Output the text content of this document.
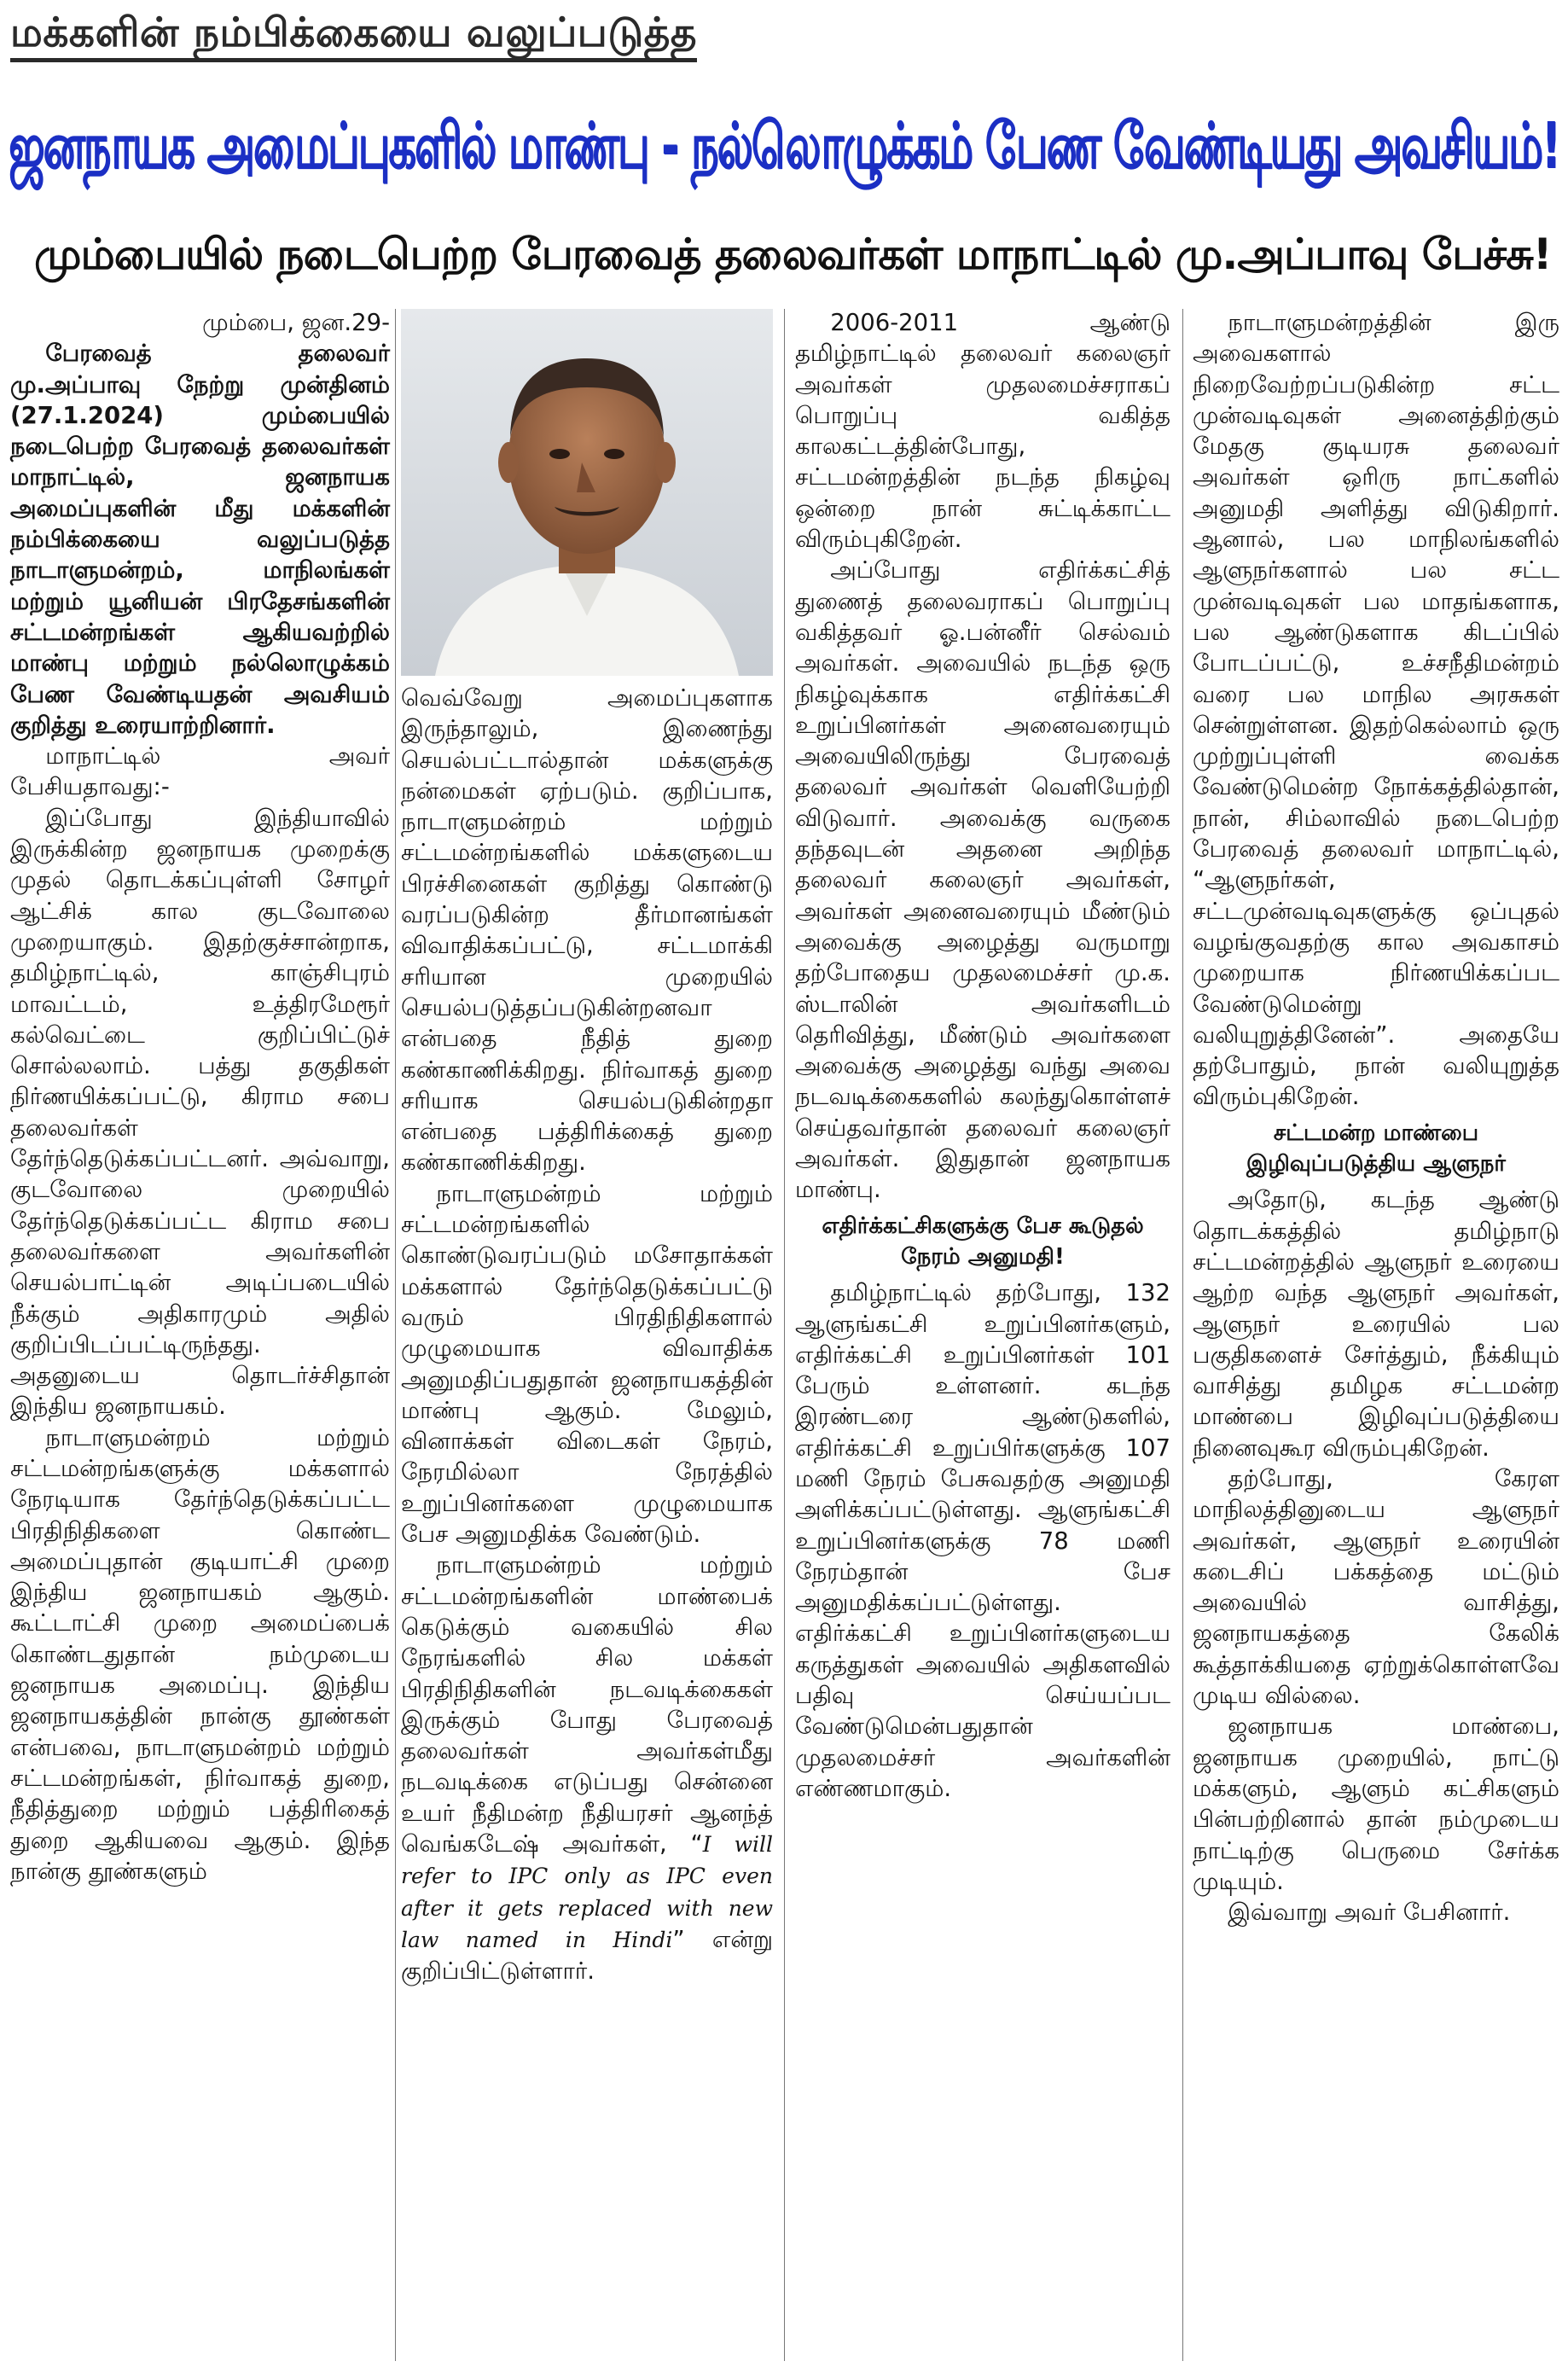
மக்களின் நம்பிக்கையை வலுப்படுத்த
ஜனநாயக அமைப்புகளில் மாண்பு - நல்லொழுக்கம் பேண வேண்டியது அவசியம்!
மும்பையில் நடைபெற்ற பேரவைத் தலைவர்கள் மாநாட்டில் மு.அப்பாவு பேச்சு!

மும்பை, ஜன.29-

பேரவைத் தலைவர் மு.அப்பாவு நேற்று முன்தினம் (27.1.2024) மும்பையில் நடைபெற்ற பேரவைத் தலைவர்கள் மாநாட்டில், ஜனநாயக அமைப்புகளின் மீது மக்களின் நம்பிக்கையை வலுப்படுத்த நாடாளுமன்றம், மாநிலங்கள் மற்றும் யூனியன் பிரதேசங்களின் சட்டமன்றங்கள் ஆகியவற்றில் மாண்பு மற்றும் நல்லொழுக்கம் பேண வேண்டியதன் அவசியம் குறித்து உரையாற்றினார்.

மாநாட்டில் அவர் பேசியதாவது:-

இப்போது இந்தியாவில் இருக்கின்ற ஜனநாயக முறைக்கு முதல் தொடக்கப்புள்ளி சோழர் ஆட்சிக் கால குடவோலை முறையாகும். இதற்குச்சான்றாக, தமிழ்நாட்டில், காஞ்சிபுரம் மாவட்டம், உத்திரமேரூர் கல்வெட்டை குறிப்பிட்டுச் சொல்லலாம். பத்து தகுதிகள் நிர்ணயிக்கப்பட்டு, கிராம சபை தலைவர்கள் தேர்ந்தெடுக்கப்பட்டனர். அவ்வாறு, குடவோலை முறையில் தேர்ந்தெடுக்கப்பட்ட கிராம சபை தலைவர்களை அவர்களின் செயல்பாட்டின் அடிப்படையில் நீக்கும் அதிகாரமும் அதில் குறிப்பிடப்பட்டிருந்தது. அதனுடைய தொடர்ச்சிதான் இந்திய ஜனநாயகம்.

நாடாளுமன்றம் மற்றும் சட்டமன்றங்களுக்கு மக்களால் நேரடியாக தேர்ந்தெடுக்கப்பட்ட பிரதிநிதிகளை கொண்ட அமைப்புதான் குடியாட்சி முறை இந்திய ஜனநாயகம் ஆகும். கூட்டாட்சி முறை அமைப்பைக் கொண்டதுதான் நம்முடைய ஜனநாயக அமைப்பு. இந்திய ஜனநாயகத்தின் நான்கு தூண்கள் என்பவை, நாடாளுமன்றம் மற்றும் சட்டமன்றங்கள், நிர்வாகத் துறை, நீதித்துறை மற்றும் பத்திரிகைத் துறை ஆகியவை ஆகும். இந்த நான்கு தூண்களும்

வெவ்வேறு அமைப்புகளாக இருந்தாலும், இணைந்து செயல்பட்டால்தான் மக்களுக்கு நன்மைகள் ஏற்படும். குறிப்பாக, நாடாளுமன்றம் மற்றும் சட்டமன்றங்களில் மக்களுடைய பிரச்சினைகள் குறித்து கொண்டு வரப்படுகின்ற தீர்மானங்கள் விவாதிக்கப்பட்டு, சட்டமாக்கி சரியான முறையில் செயல்படுத்தப்படுகின்றனவா என்பதை நீதித் துறை கண்காணிக்கிறது. நிர்வாகத் துறை சரியாக செயல்படுகின்றதா என்பதை பத்திரிக்கைத் துறை கண்காணிக்கிறது.

நாடாளுமன்றம் மற்றும் சட்டமன்றங்களில் கொண்டுவரப்படும் மசோதாக்கள் மக்களால் தேர்ந்தெடுக்கப்பட்டு வரும் பிரதிநிதிகளால் முழுமையாக விவாதிக்க அனுமதிப்பதுதான் ஜனநாயகத்தின் மாண்பு ஆகும். மேலும், வினாக்கள் விடைகள் நேரம், நேரமில்லா நேரத்தில் உறுப்பினர்களை முழுமையாக பேச அனுமதிக்க வேண்டும்.

நாடாளுமன்றம் மற்றும் சட்டமன்றங்களின் மாண்பைக் கெடுக்கும் வகையில் சில நேரங்களில் சில மக்கள் பிரதிநிதிகளின் நடவடிக்கைகள் இருக்கும் போது பேரவைத் தலைவர்கள் அவர்கள்மீது நடவடிக்கை எடுப்பது சென்னை உயர் நீதிமன்ற நீதியரசர் ஆனந்த் வெங்கடேஷ் அவர்கள், “I will refer to IPC only as IPC even after it gets replaced with new law named in Hindi” என்று குறிப்பிட்டுள்ளார்.

2006-2011 ஆண்டு தமிழ்நாட்டில் தலைவர் கலைஞர் அவர்கள் முதலமைச்சராகப் பொறுப்பு வகித்த காலகட்டத்தின்போது, சட்டமன்றத்தின் நடந்த நிகழ்வு ஒன்றை நான் சுட்டிக்காட்ட விரும்புகிறேன்.

அப்போது எதிர்க்கட்சித் துணைத் தலைவராகப் பொறுப்பு வகித்தவர் ஓ.பன்னீர் செல்வம் அவர்கள். அவையில் நடந்த ஒரு நிகழ்வுக்காக எதிர்க்கட்சி உறுப்பினர்கள் அனைவரையும் அவையிலிருந்து பேரவைத் தலைவர் அவர்கள் வெளியேற்றி விடுவார். அவைக்கு வருகை தந்தவுடன் அதனை அறிந்த தலைவர் கலைஞர் அவர்கள், அவர்கள் அனைவரையும் மீண்டும் அவைக்கு அழைத்து வருமாறு தற்போதைய முதலமைச்சர் மு.க. ஸ்டாலின் அவர்களிடம் தெரிவித்து, மீண்டும் அவர்களை அவைக்கு அழைத்து வந்து அவை நடவடிக்கைகளில் கலந்துகொள்ளச் செய்தவர்தான் தலைவர் கலைஞர் அவர்கள். இதுதான் ஜனநாயக மாண்பு.

எதிர்க்கட்சிகளுக்கு பேச கூடுதல் நேரம் அனுமதி!

தமிழ்நாட்டில் தற்போது, 132 ஆளுங்கட்சி உறுப்பினர்களும், எதிர்க்கட்சி உறுப்பினர்கள் 101 பேரும் உள்ளனர். கடந்த இரண்டரை ஆண்டுகளில், எதிர்க்கட்சி உறுப்பிர்களுக்கு 107 மணி நேரம் பேசுவதற்கு அனுமதி அளிக்கப்பட்டுள்ளது. ஆளுங்கட்சி உறுப்பினர்களுக்கு 78 மணி நேரம்தான் பேச அனுமதிக்கப்பட்டுள்ளது. எதிர்க்கட்சி உறுப்பினர்களுடைய கருத்துகள் அவையில் அதிகளவில் பதிவு செய்யப்பட வேண்டுமென்பதுதான் முதலமைச்சர் அவர்களின் எண்ணமாகும்.

நாடாளுமன்றத்தின் இரு அவைகளால் நிறைவேற்றப்படுகின்ற சட்ட முன்வடிவுகள் அனைத்திற்கும் மேதகு குடியரசு தலைவர் அவர்கள் ஒரிரு நாட்களில் அனுமதி அளித்து விடுகிறார். ஆனால், பல மாநிலங்களில் ஆளுநர்களால் பல சட்ட முன்வடிவுகள் பல மாதங்களாக, பல ஆண்டுகளாக கிடப்பில் போடப்பட்டு, உச்சநீதிமன்றம் வரை பல மாநில அரசுகள் சென்றுள்ளன. இதற்கெல்லாம் ஒரு முற்றுப்புள்ளி வைக்க வேண்டுமென்ற நோக்கத்தில்தான், நான், சிம்லாவில் நடைபெற்ற பேரவைத் தலைவர் மாநாட்டில், “ஆளுநர்கள், சட்டமுன்வடிவுகளுக்கு ஒப்புதல் வழங்குவதற்கு கால அவகாசம் முறையாக நிர்ணயிக்கப்பட வேண்டுமென்று வலியுறுத்தினேன்”. அதையே தற்போதும், நான் வலியுறுத்த விரும்புகிறேன்.

சட்டமன்ற மாண்பை இழிவுப்படுத்திய ஆளுநர்

அதோடு, கடந்த ஆண்டு தொடக்கத்தில் தமிழ்நாடு சட்டமன்றத்தில் ஆளுநர் உரையை ஆற்ற வந்த ஆளுநர் அவர்கள், ஆளுநர் உரையில் பல பகுதிகளைச் சேர்த்தும், நீக்கியும் வாசித்து தமிழக சட்டமன்ற மாண்பை இழிவுப்படுத்தியை நினைவுகூர விரும்புகிறேன்.

தற்போது, கேரள மாநிலத்தினுடைய ஆளுநர் அவர்கள், ஆளுநர் உரையின் கடைசிப் பக்கத்தை மட்டும் அவையில் வாசித்து, ஜனநாயகத்தை கேலிக் கூத்தாக்கியதை ஏற்றுக்கொள்ளவே முடிய வில்லை.

ஜனநாயக மாண்பை, ஜனநாயக முறையில், நாட்டு மக்களும், ஆளும் கட்சிகளும் பின்பற்றினால் தான் நம்முடைய நாட்டிற்கு பெருமை சேர்க்க முடியும்.

இவ்வாறு அவர் பேசினார்.
